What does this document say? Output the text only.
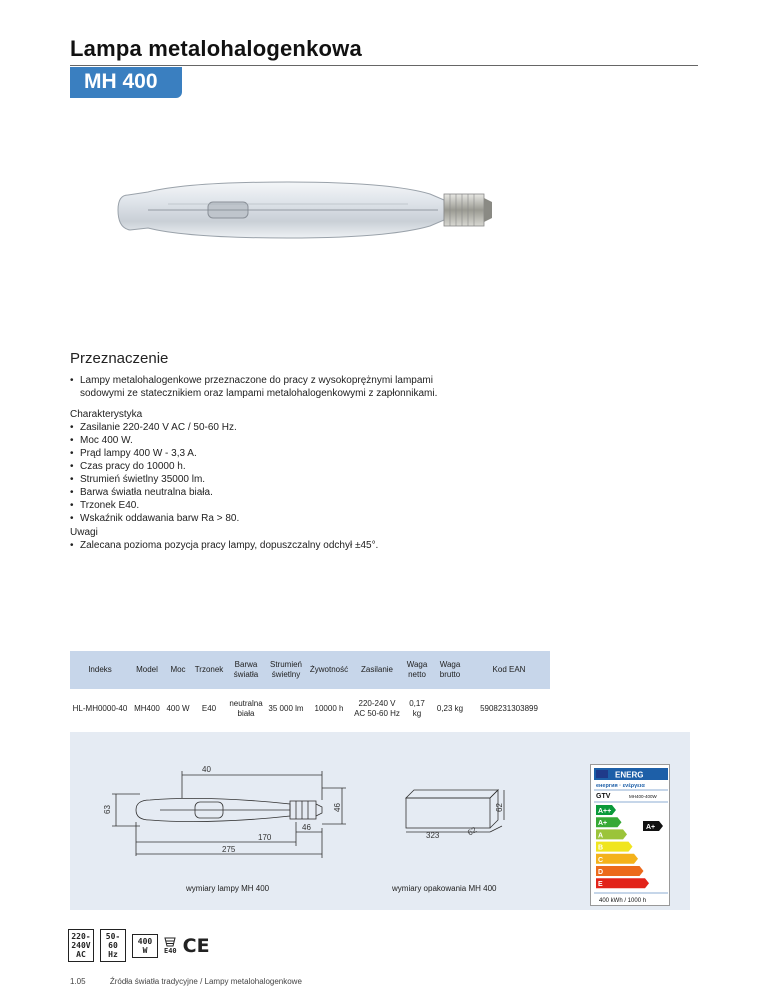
Lampa metalohalogenkowa
MH 400
Przeznaczenie
• Lampy metalohalogenkowe przeznaczone do pracy z wysokoprężnymi lampami sodowymi ze statecznikiem oraz lampami metalohalogenkowymi z zapłonnikami.
Charakterystyka
• Zasilanie 220-240 V AC / 50-60 Hz.
• Moc 400 W.
• Prąd lampy 400 W - 3,3 A.
• Czas pracy do 10000 h.
• Strumień świetlny 35000 lm.
• Barwa światła neutralna biała.
• Trzonek E40.
• Wskaźnik oddawania barw Ra > 80.
Uwagi
• Zalecana pozioma pozycja pracy lampy, dopuszczalny odchył ±45°.
Indeks	Model	Moc	Trzonek	Barwa światła	Strumień świetlny	Żywotność	Zasilanie	Waga netto	Waga brutto	Kod EAN
HL-MH0000-40	MH400	400 W	E40	neutralna biała	35 000 lm	10000 h	220-240 V AC 50-60 Hz	0,17 kg	0,23 kg	5908231303899
40
63	46
46
170
275
323
62
62
wymiary lampy MH 400	wymiary opakowania MH 400
ENERG
енергия · ενέργεια
GTV	MH400-400W
A++
A+
A
B
C
D
E
A+
400 kWh / 1000 h
220-240V AC
50-60 Hz
400 W	E40 CE
1.05	Źródła światła tradycyjne / Lampy metalohalogenkowe
